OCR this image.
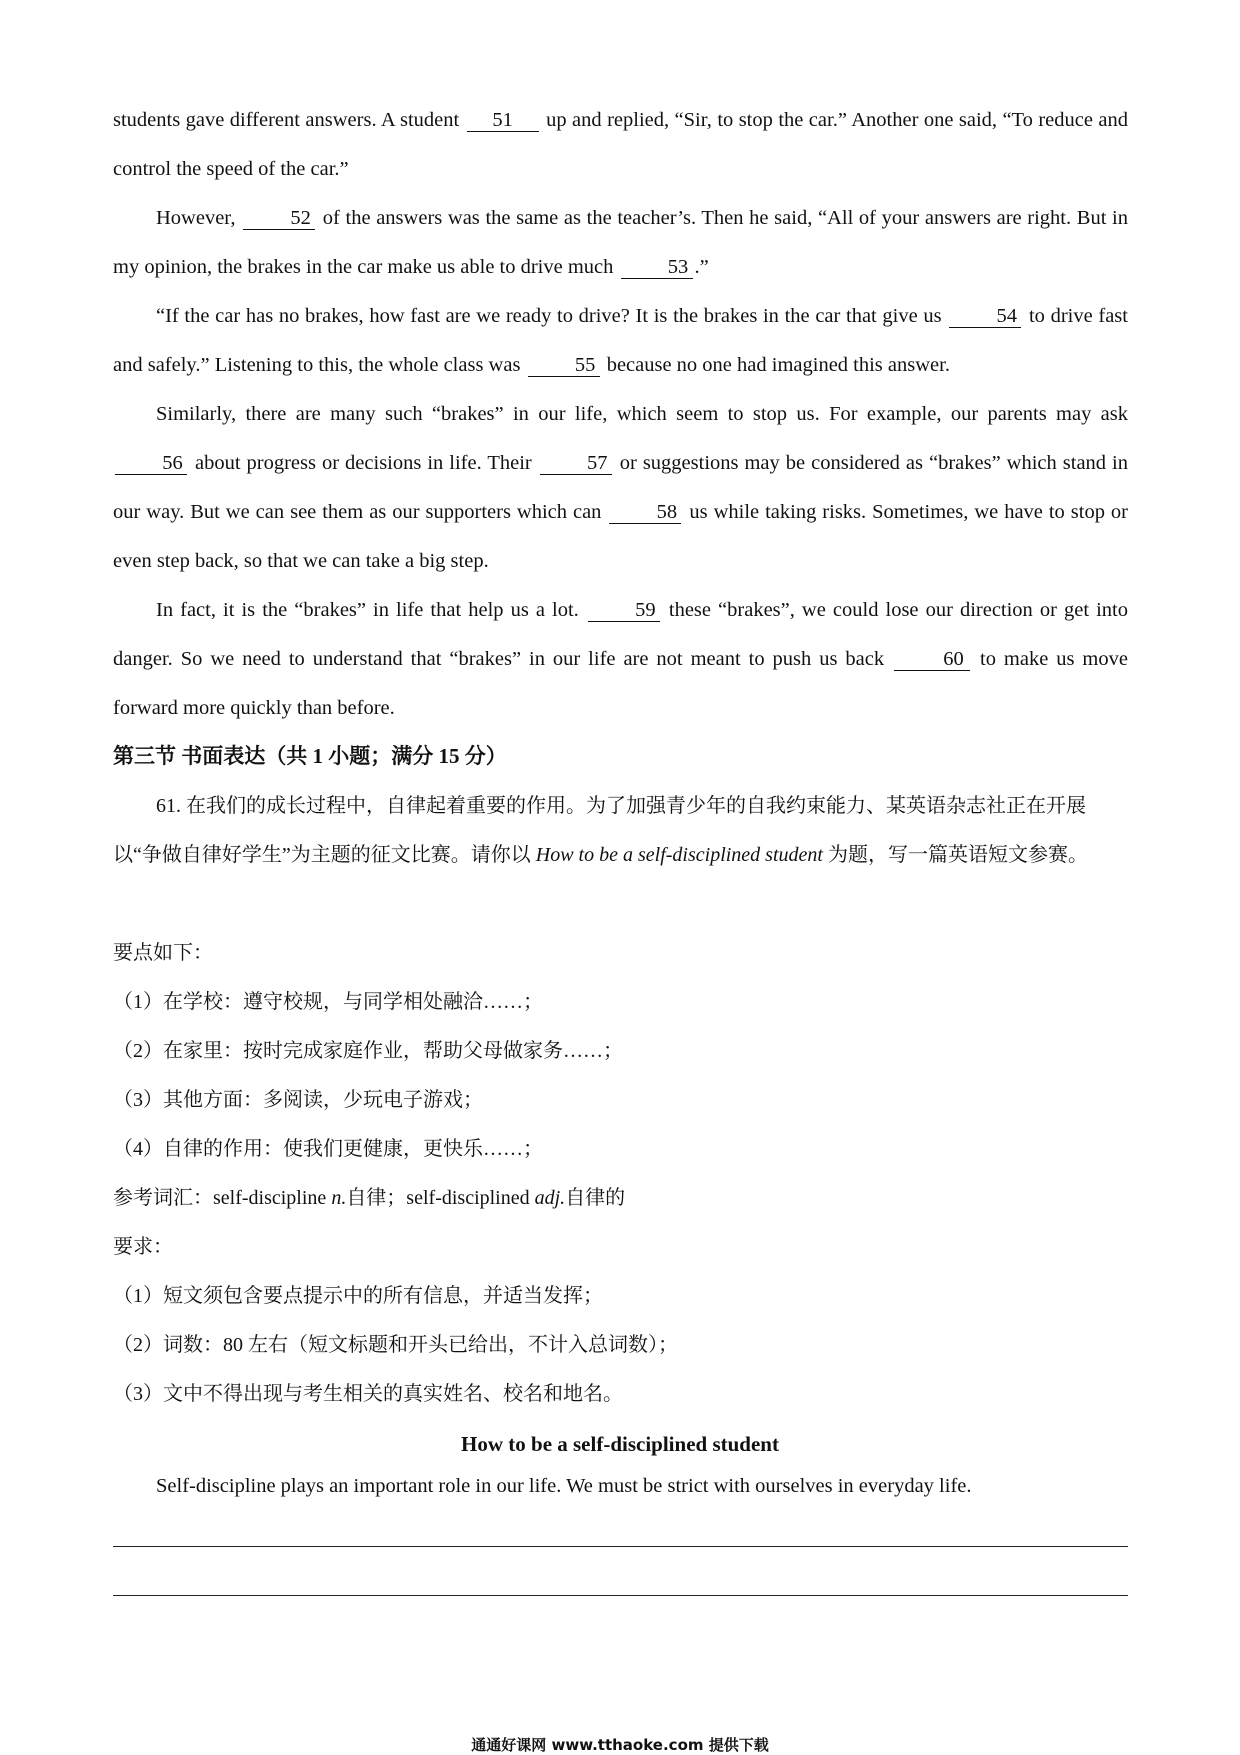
students gave different answers. A student 51 up and replied, “Sir, to stop the car.” Another one said, “To reduce and control the speed of the car.”

However, 52 of the answers was the same as the teacher’s. Then he said, “All of your answers are right. But in my opinion, the brakes in the car make us able to drive much 53 .”

“If the car has no brakes, how fast are we ready to drive? It is the brakes in the car that give us 54 to drive fast and safely.” Listening to this, the whole class was 55 because no one had imagined this answer.

Similarly, there are many such “brakes” in our life, which seem to stop us. For example, our parents may ask 56 about progress or decisions in life. Their 57 or suggestions may be considered as “brakes” which stand in our way. But we can see them as our supporters which can 58 us while taking risks. Sometimes, we have to stop or even step back, so that we can take a big step.

In fact, it is the “brakes” in life that help us a lot. 59 these “brakes”, we could lose our direction or get into danger. So we need to understand that “brakes” in our life are not meant to push us back	60 to make us move forward more quickly than before.

第三节 书面表达（共 1 小题；满分 15 分）

61. 在我们的成长过程中，自律起着重要的作用。为了加强青少年的自我约束能力、某英语杂志社正在开展以“争做自律好学生”为主题的征文比赛。请你以 How to be a self-disciplined student 为题，写一篇英语短文参赛。

要点如下：

（1）在学校：遵守校规，与同学相处融洽……；

（2）在家里：按时完成家庭作业，帮助父母做家务……；

（3）其他方面：多阅读，少玩电子游戏；

（4）自律的作用：使我们更健康，更快乐……；

参考词汇：self-discipline n.自律；self-disciplined adj.自律的

要求：

（1）短文须包含要点提示中的所有信息，并适当发挥；

（2）词数：80 左右（短文标题和开头已给出，不计入总词数）；

（3）文中不得出现与考生相关的真实姓名、校名和地名。

How to be a self-disciplined student

Self-discipline plays an important role in our life. We must be strict with ourselves in everyday life.

通通好课网 www.tthaoke.com 提供下载
